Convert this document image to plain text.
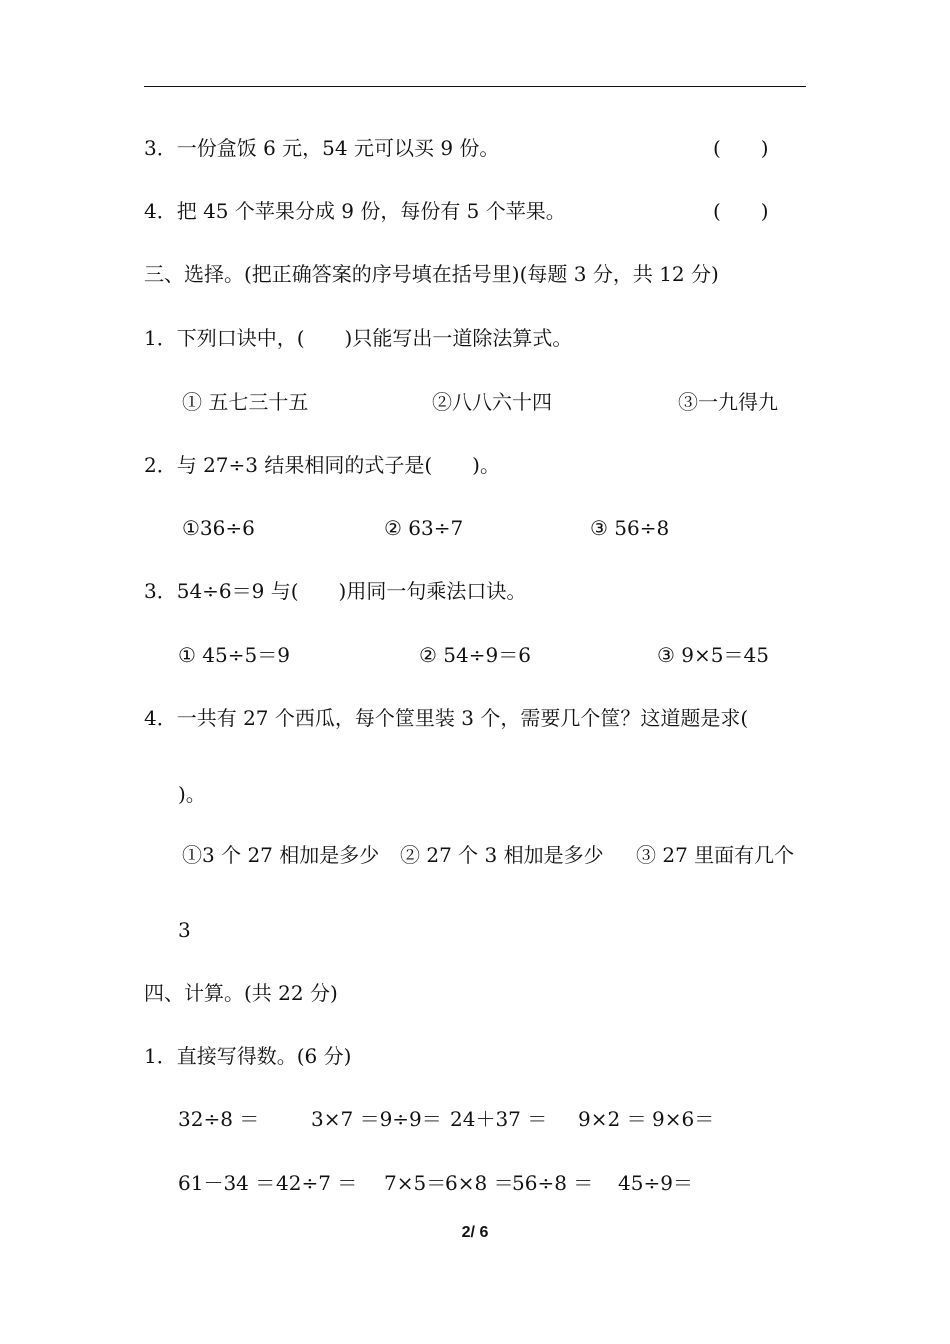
3．一份盒饭 6 元，54 元可以买 9 份。	(　　)
4．把 45 个苹果分成 9 份，每份有 5 个苹果。	(　　)
三、选择。(把正确答案的序号填在括号里)(每题 3 分，共 12 分)
1．下列口诀中，(　　)只能写出一道除法算式。
① 五七三十五	②八八六十四	③一九得九
2．与 27÷3 结果相同的式子是(　　)。
①36÷6	② 63÷7	③ 56÷8
3．54÷6＝9 与(　　)用同一句乘法口诀。
① 45÷5＝9	② 54÷9＝6	③ 9×5＝45
4．一共有 27 个西瓜，每个筐里装 3 个，需要几个筐？这道题是求(
)。
①3 个 27 相加是多少 ② 27 个 3 相加是多少 ③ 27 里面有几个
3
四、计算。(共 22 分)
1．直接写得数。(6 分)
32÷8 ＝	3×7 ＝9÷9＝ 24＋37 ＝ 9×2 ＝ 9×6＝
61－34 ＝ 42÷7 ＝ 7×5＝
6×8 ＝
56÷8 ＝ 45÷9＝
2/ 6
